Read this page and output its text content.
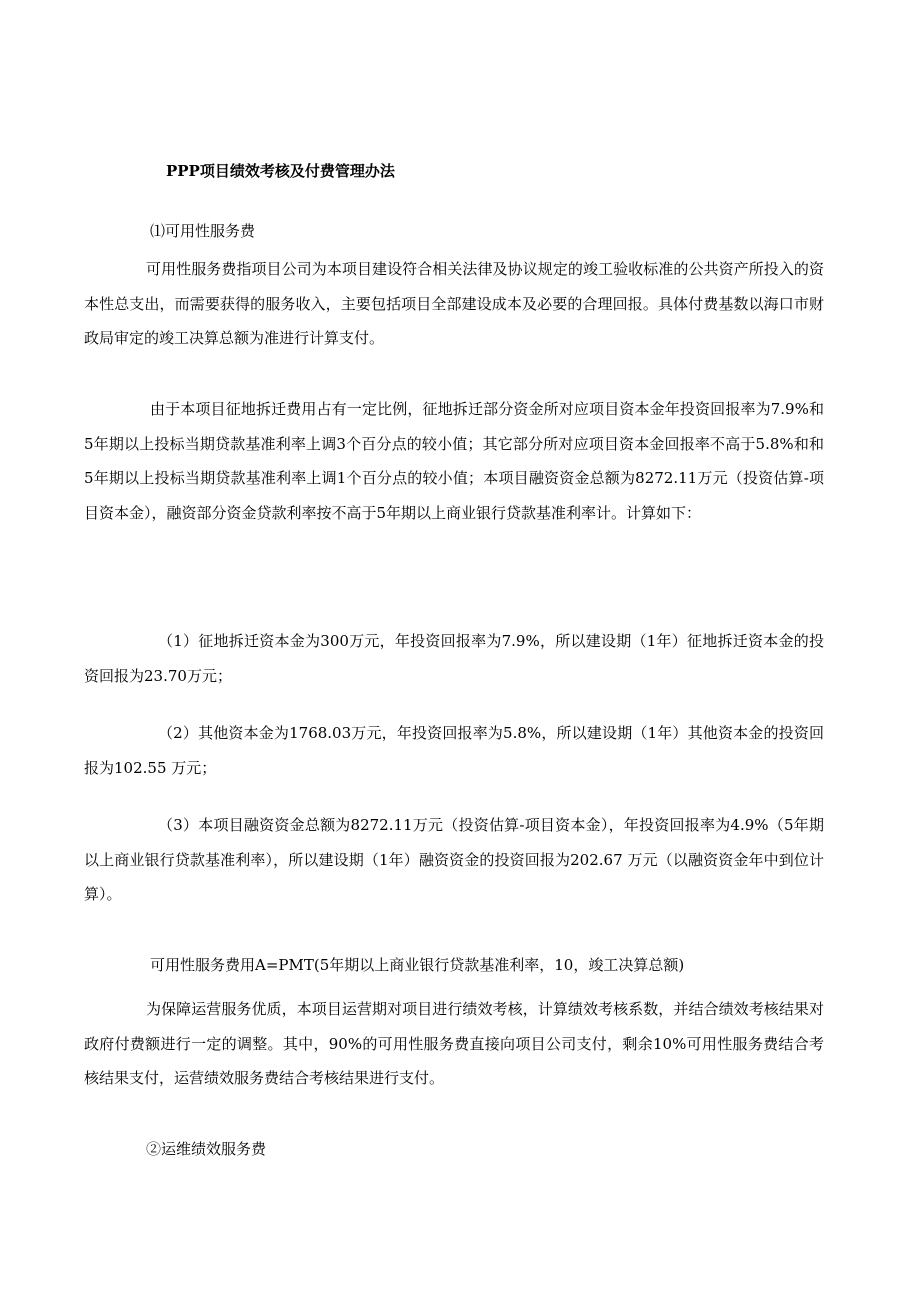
PPP项目绩效考核及付费管理办法
⑴可用性服务费
可用性服务费指项目公司为本项目建设符合相关法律及协议规定的竣工验收标准的公共资产所投入的资本性总支出，而需要获得的服务收入，主要包括项目全部建设成本及必要的合理回报。具体付费基数以海口市财政局审定的竣工决算总额为准进行计算支付。
由于本项目征地拆迁费用占有一定比例，征地拆迁部分资金所对应项目资本金年投资回报率为7.9%和5年期以上投标当期贷款基准利率上调3个百分点的较小值；其它部分所对应项目资本金回报率不高于5.8%和和5年期以上投标当期贷款基准利率上调1个百分点的较小值；本项目融资资金总额为8272.11万元（投资估算-项目资本金），融资部分资金贷款利率按不高于5年期以上商业银行贷款基准利率计。计算如下：
（1）征地拆迁资本金为300万元，年投资回报率为7.9%，所以建设期（1年）征地拆迁资本金的投资回报为23.70万元；
（2）其他资本金为1768.03万元，年投资回报率为5.8%，所以建设期（1年）其他资本金的投资回报为102.55 万元；
（3）本项目融资资金总额为8272.11万元（投资估算-项目资本金），年投资回报率为4.9%（5年期以上商业银行贷款基准利率），所以建设期（1年）融资资金的投资回报为202.67 万元（以融资资金年中到位计算）。
可用性服务费用A=PMT(5年期以上商业银行贷款基准利率，10，竣工决算总额)
为保障运营服务优质，本项目运营期对项目进行绩效考核，计算绩效考核系数，并结合绩效考核结果对政府付费额进行一定的调整。其中，90%的可用性服务费直接向项目公司支付，剩余10%可用性服务费结合考核结果支付，运营绩效服务费结合考核结果进行支付。
②运维绩效服务费
